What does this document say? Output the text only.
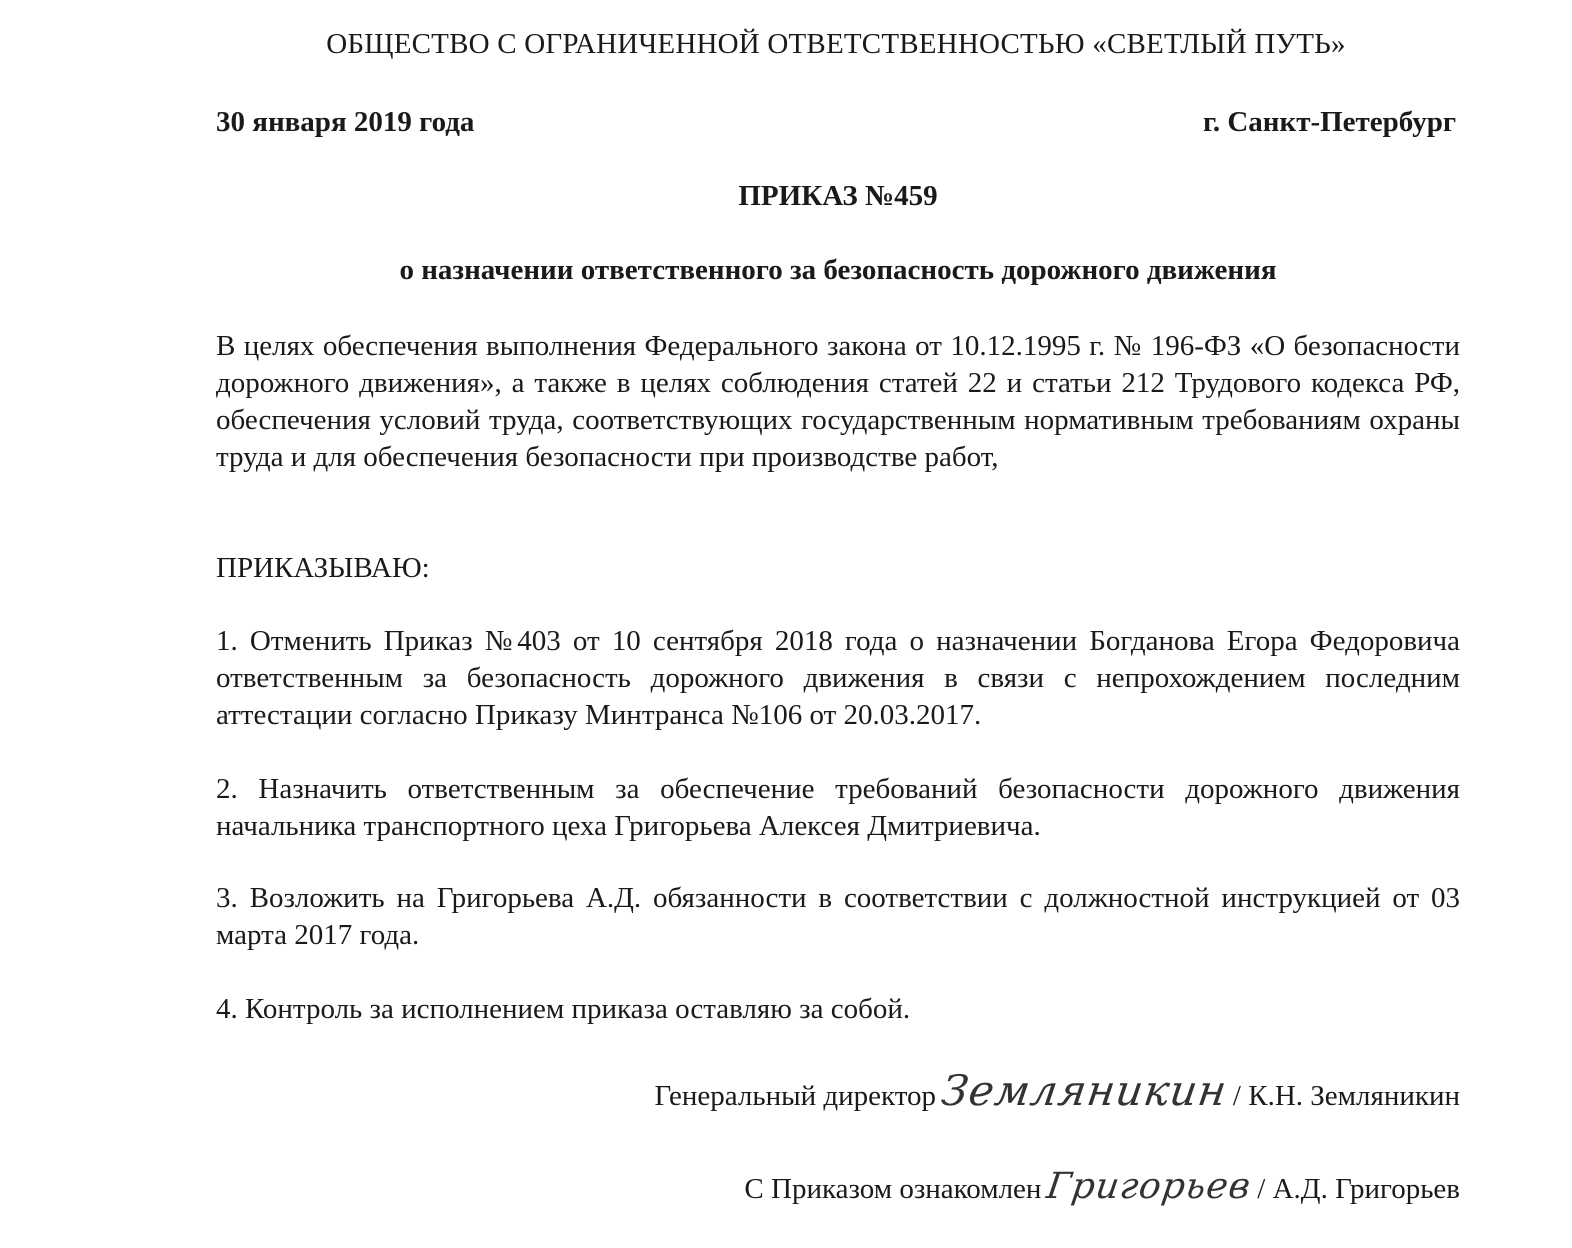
ОБЩЕСТВО С ОГРАНИЧЕННОЙ ОТВЕТСТВЕННОСТЬЮ «СВЕТЛЫЙ ПУТЬ»
30 января 2019 года	г. Санкт-Петербург
ПРИКАЗ №459
о назначении ответственного за безопасность дорожного движения
В целях обеспечения выполнения Федерального закона от 10.12.1995 г. № 196-ФЗ «О безопасности дорожного движения», а также в целях соблюдения статей 22 и статьи 212 Трудового кодекса РФ, обеспечения условий труда, соответствующих государственным нормативным требованиям охраны труда и для обеспечения безопасности при производстве работ,
ПРИКАЗЫВАЮ:
1. Отменить Приказ №403 от 10 сентября 2018 года о назначении Богданова Егора Федоровича ответственным за безопасность дорожного движения в связи с непрохождением последним аттестации согласно Приказу Минтранса №106 от 20.03.2017.
2. Назначить ответственным за обеспечение требований безопасности дорожного движения начальника транспортного цеха Григорьева Алексея Дмитриевича.
3. Возложить на Григорьева А.Д. обязанности в соответствии с должностной инструкцией от 03 марта 2017 года.
4. Контроль за исполнением приказа оставляю за собой.
Генеральный директор Земляникин / К.Н. Земляникин
С Приказом ознакомлен Григорьев / А.Д. Григорьев
